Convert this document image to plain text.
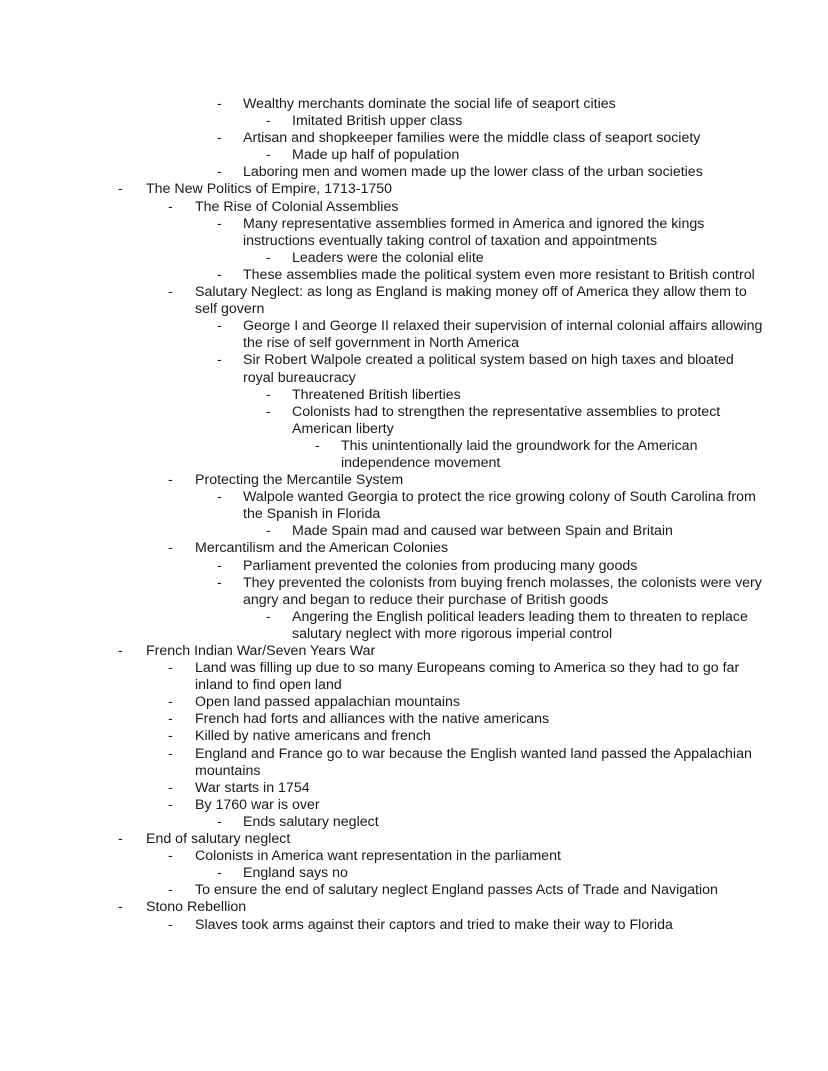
- Wealthy merchants dominate the social life of seaport cities
- Imitated British upper class
- Artisan and shopkeeper families were the middle class of seaport society
- Made up half of population
- Laboring men and women made up the lower class of the urban societies
- The New Politics of Empire, 1713-1750
- The Rise of Colonial Assemblies
- Many representative assemblies formed in America and ignored the kings instructions eventually taking control of taxation and appointments
- Leaders were the colonial elite
- These assemblies made the political system even more resistant to British control
- Salutary Neglect: as long as England is making money off of America they allow them to self govern
- George I and George II relaxed their supervision of internal colonial affairs allowing the rise of self government in North America
- Sir Robert Walpole created a political system based on high taxes and bloated royal bureaucracy
- Threatened British liberties
- Colonists had to strengthen the representative assemblies to protect American liberty
- This unintentionally laid the groundwork for the American independence movement
- Protecting the Mercantile System
- Walpole wanted Georgia to protect the rice growing colony of South Carolina from the Spanish in Florida
- Made Spain mad and caused war between Spain and Britain
- Mercantilism and the American Colonies
- Parliament prevented the colonies from producing many goods
- They prevented the colonists from buying french molasses, the colonists were very angry and began to reduce their purchase of British goods
- Angering the English political leaders leading them to threaten to replace salutary neglect with more rigorous imperial control
- French Indian War/Seven Years War
- Land was filling up due to so many Europeans coming to America so they had to go far inland to find open land
- Open land passed appalachian mountains
- French had forts and alliances with the native americans
- Killed by native americans and french
- England and France go to war because the English wanted land passed the Appalachian mountains
- War starts in 1754
- By 1760 war is over
- Ends salutary neglect
- End of salutary neglect
- Colonists in America want representation in the parliament
- England says no
- To ensure the end of salutary neglect England passes Acts of Trade and Navigation
- Stono Rebellion
- Slaves took arms against their captors and tried to make their way to Florida
